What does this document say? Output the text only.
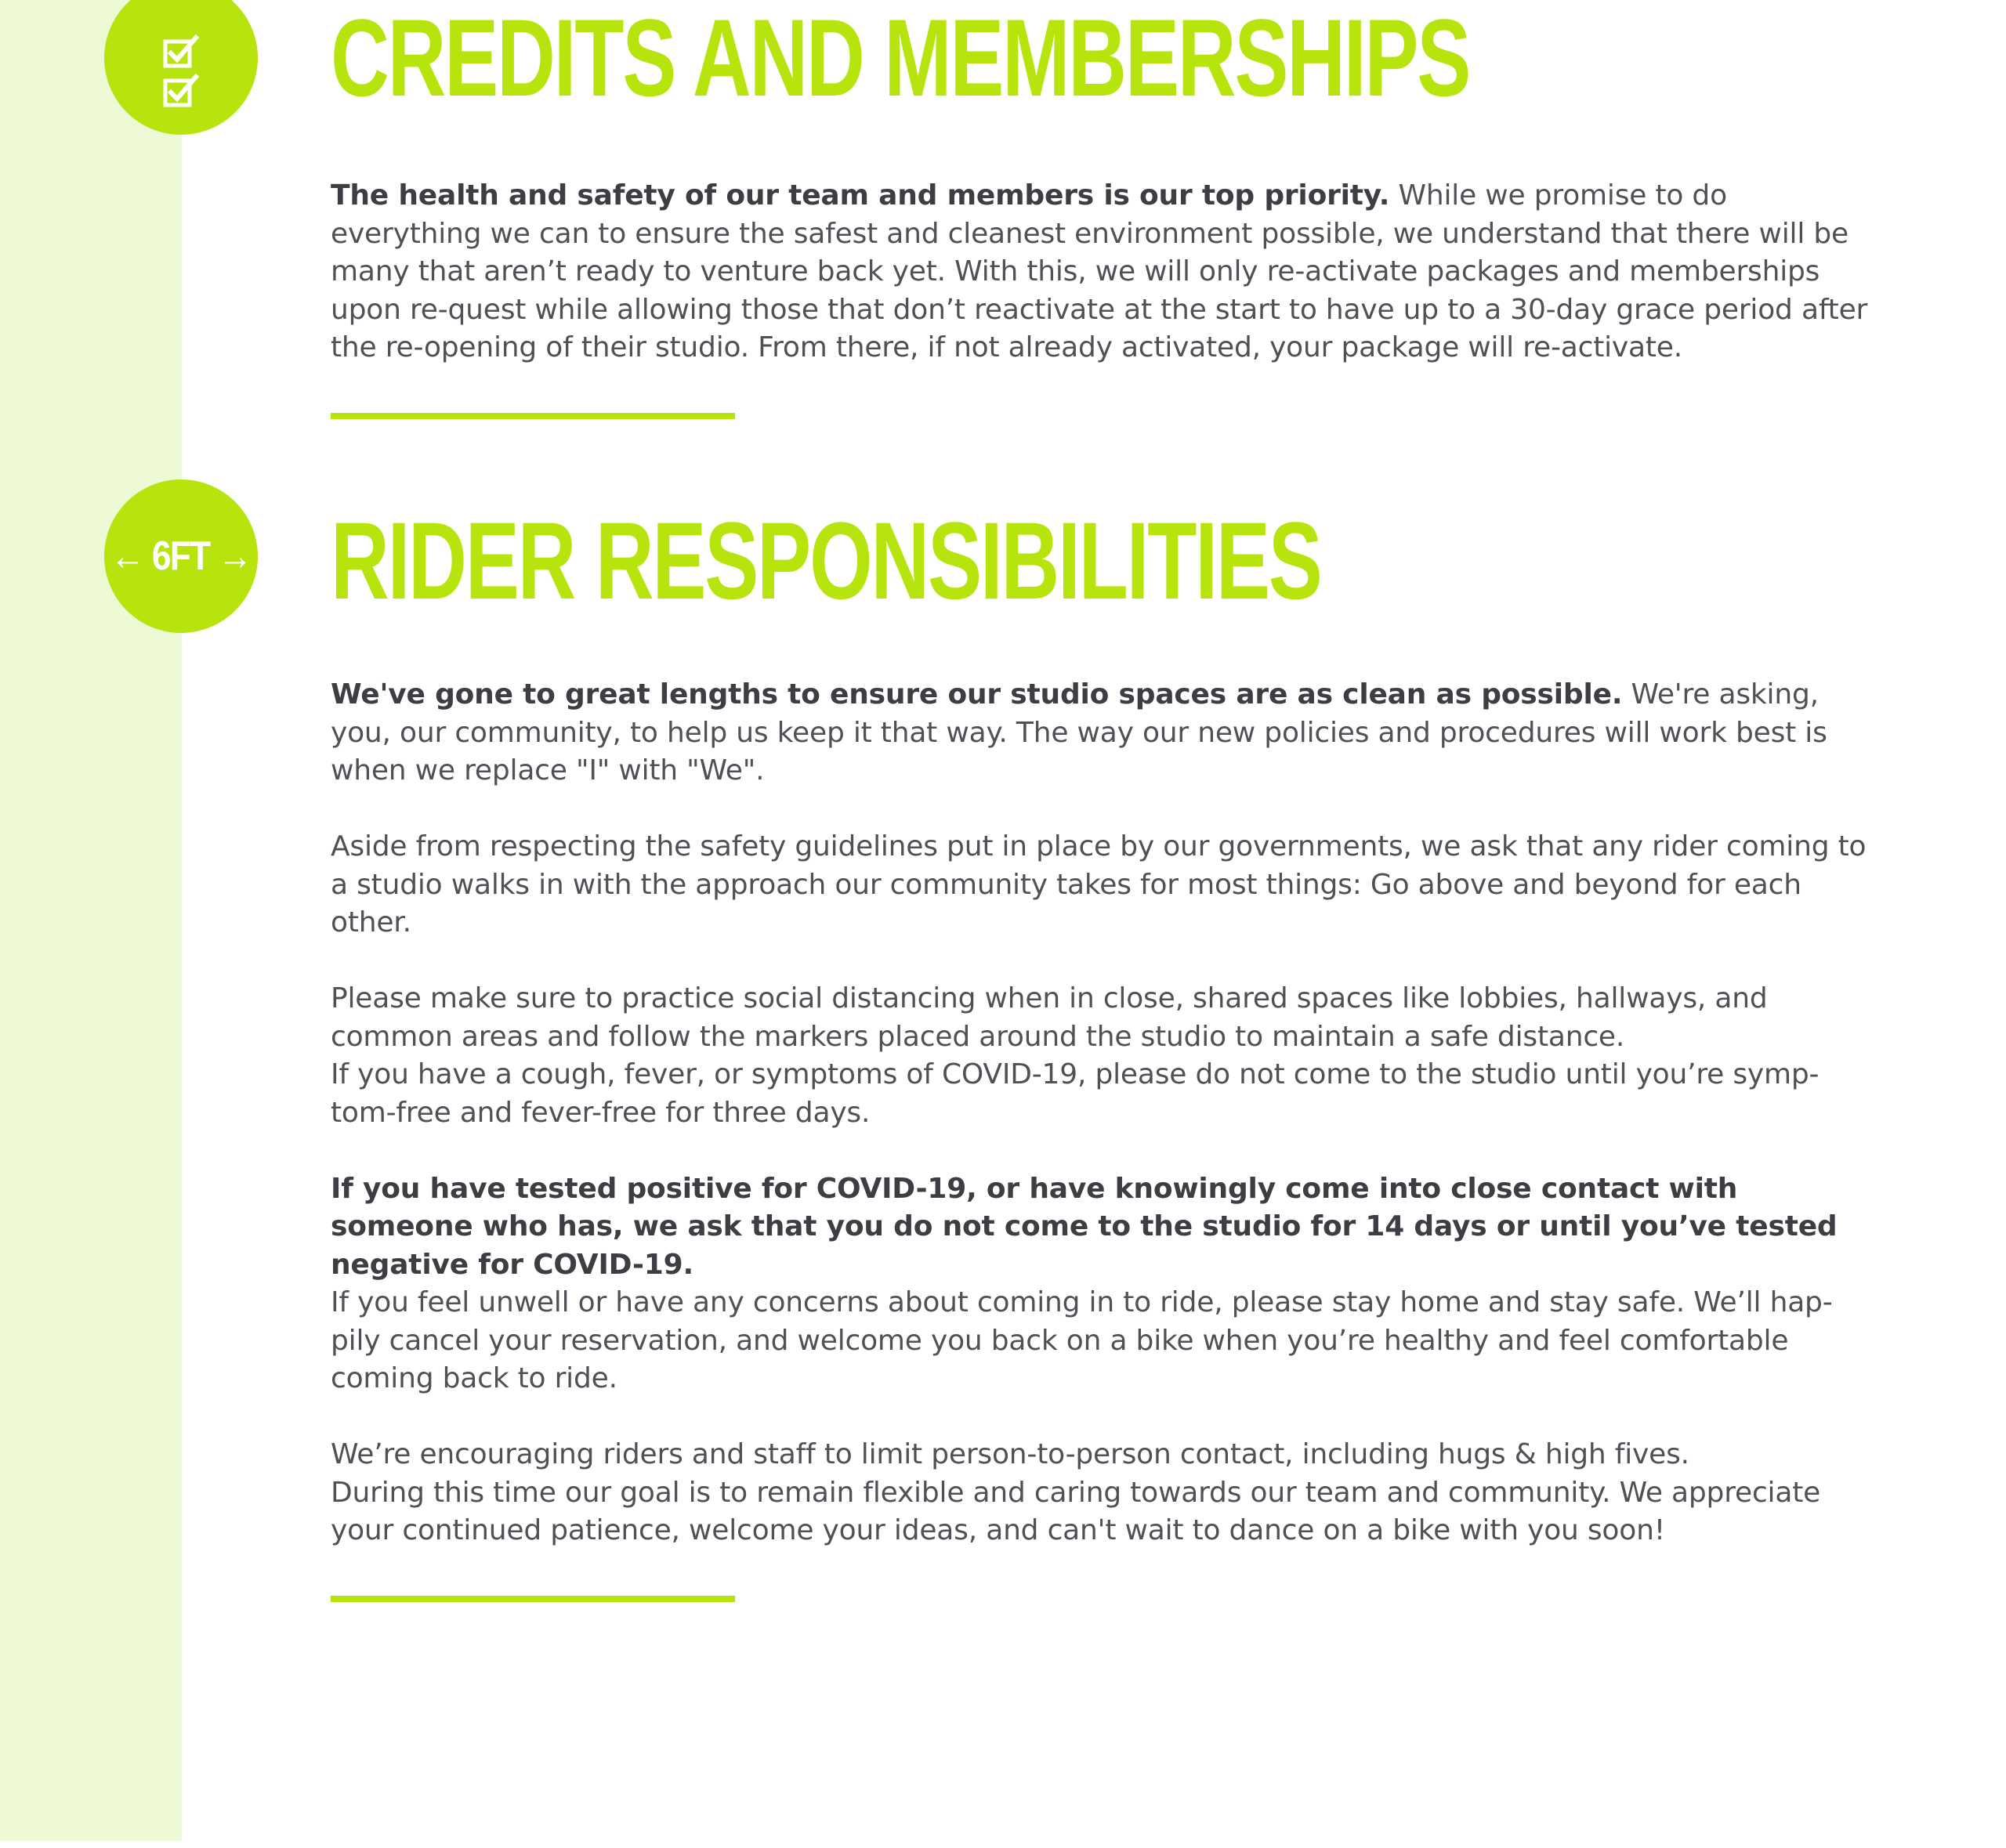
CREDITS AND MEMBERSHIPS

The health and safety of our team and members is our top priority. While we promise to do everything we can to ensure the safest and cleanest environment possible, we understand that there will be many that aren’t ready to venture back yet. With this, we will only re-activate packages and memberships upon re-quest while allowing those that don’t reactivate at the start to have up to a 30-day grace period after the re-opening of their studio. From there, if not already activated, your package will re-activate.

← 6FT → RIDER RESPONSIBILITIES

We've gone to great lengths to ensure our studio spaces are as clean as possible. We're asking, you, our community, to help us keep it that way. The way our new policies and procedures will work best is when we replace "I" with "We".

Aside from respecting the safety guidelines put in place by our governments, we ask that any rider coming to a studio walks in with the approach our community takes for most things: Go above and beyond for each other.

Please make sure to practice social distancing when in close, shared spaces like lobbies, hallways, and common areas and follow the markers placed around the studio to maintain a safe distance.
If you have a cough, fever, or symptoms of COVID-19, please do not come to the studio until you’re symp-tom-free and fever-free for three days.

If you have tested positive for COVID-19, or have knowingly come into close contact with someone who has, we ask that you do not come to the studio for 14 days or until you’ve tested negative for COVID-19.
If you feel unwell or have any concerns about coming in to ride, please stay home and stay safe. We’ll hap-pily cancel your reservation, and welcome you back on a bike when you’re healthy and feel comfortable coming back to ride.

We’re encouraging riders and staff to limit person-to-person contact, including hugs & high fives.
During this time our goal is to remain flexible and caring towards our team and community. We appreciate your continued patience, welcome your ideas, and can't wait to dance on a bike with you soon!
